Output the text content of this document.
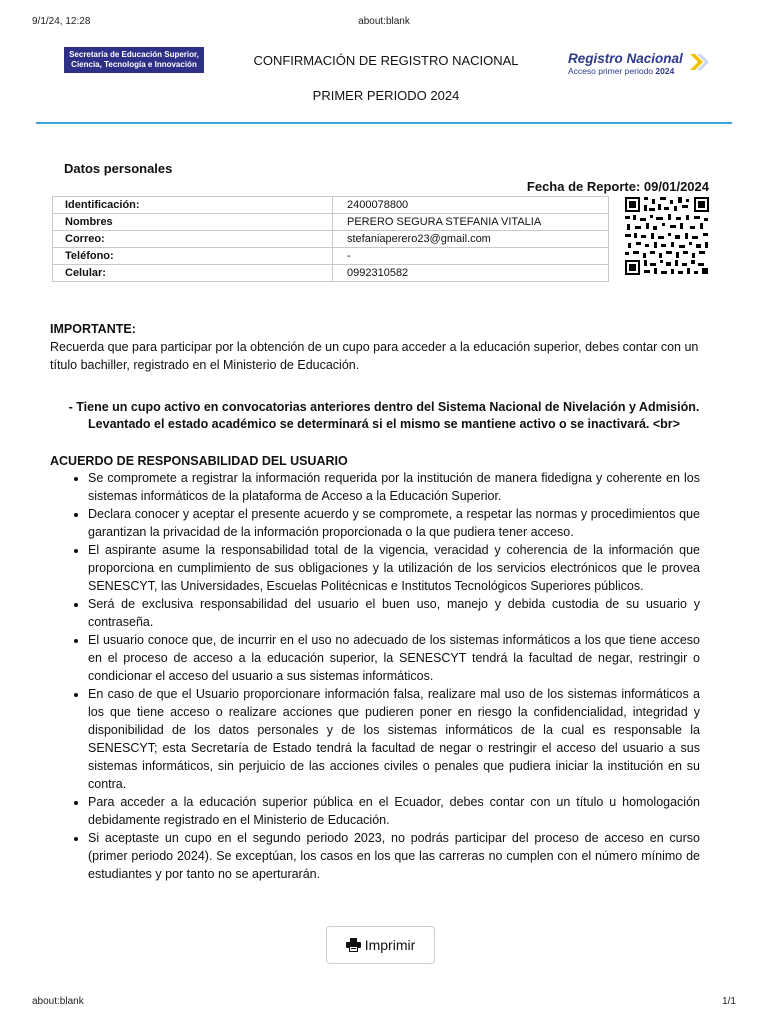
9/1/24, 12:28	about:blank
Secretaría de Educación Superior, Ciencia, Tecnología e Innovación	CONFIRMACIÓN DE REGISTRO NACIONAL
PRIMER PERIODO 2024
Registro Nacional
Acceso primer periodo 2024
Datos personales
Fecha de Reporte: 09/01/2024
Identificación:	2400078800
Nombres	PERERO SEGURA STEFANIA VITALIA
Correo:	stefaniaperero23@gmail.com
Teléfono:	-
Celular:	0992310582
IMPORTANTE:
Recuerda que para participar por la obtención de un cupo para acceder a la educación superior, debes contar con un título bachiller, registrado en el Ministerio de Educación.
- Tiene un cupo activo en convocatorias anteriores dentro del Sistema Nacional de Nivelación y Admisión. Levantado el estado académico se determinará si el mismo se mantiene activo o se inactivará. <br>
ACUERDO DE RESPONSABILIDAD DEL USUARIO
• Se compromete a registrar la información requerida por la institución de manera fidedigna y coherente en los sistemas informáticos de la plataforma de Acceso a la Educación Superior.
• Declara conocer y aceptar el presente acuerdo y se compromete, a respetar las normas y procedimientos que garantizan la privacidad de la información proporcionada o la que pudiera tener acceso.
• El aspirante asume la responsabilidad total de la vigencia, veracidad y coherencia de la información que proporciona en cumplimiento de sus obligaciones y la utilización de los servicios electrónicos que le provea SENESCYT, las Universidades, Escuelas Politécnicas e Institutos Tecnológicos Superiores públicos.
• Será de exclusiva responsabilidad del usuario el buen uso, manejo y debida custodia de su usuario y contraseña.
• El usuario conoce que, de incurrir en el uso no adecuado de los sistemas informáticos a los que tiene acceso en el proceso de acceso a la educación superior, la SENESCYT tendrá la facultad de negar, restringir o condicionar el acceso del usuario a sus sistemas informáticos.
• En caso de que el Usuario proporcionare información falsa, realizare mal uso de los sistemas informáticos a los que tiene acceso o realizare acciones que pudieren poner en riesgo la confidencialidad, integridad y disponibilidad de los datos personales y de los sistemas informáticos de la cual es responsable la SENESCYT; esta Secretaría de Estado tendrá la facultad de negar o restringir el acceso del usuario a sus sistemas informáticos, sin perjuicio de las acciones civiles o penales que pudiera iniciar la institución en su contra.
• Para acceder a la educación superior pública en el Ecuador, debes contar con un título u homologación debidamente registrado en el Ministerio de Educación.
• Si aceptaste un cupo en el segundo periodo 2023, no podrás participar del proceso de acceso en curso (primer periodo 2024). Se exceptúan, los casos en los que las carreras no cumplen con el número mínimo de estudiantes y por tanto no se aperturarán.
Imprimir
about:blank	1/1
